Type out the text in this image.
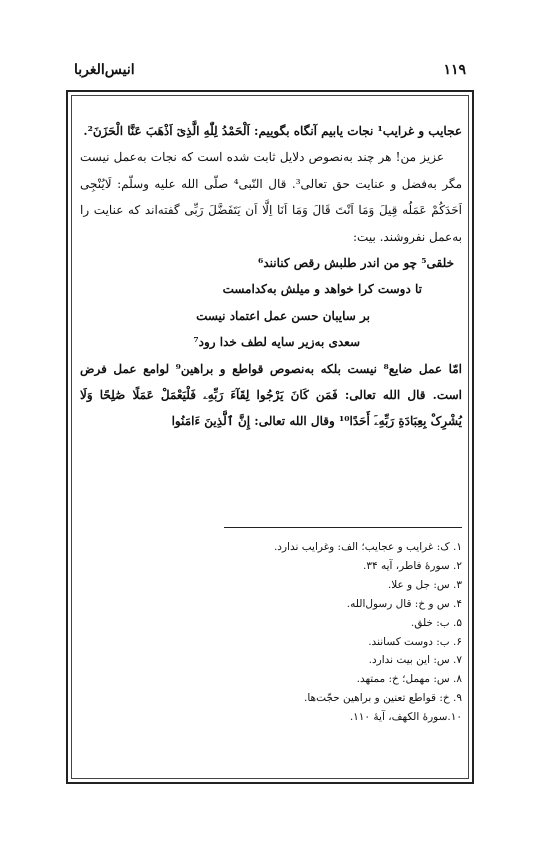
انیس‌الغربا	۱۱۹

عجایب و غرایب¹ نجات یابیم آنگاه بگوییم: اَلْحَمْدُ لِلّٰهِ الَّذِیٓ اَذْهَبَ عَنَّا الْحَزَنَ².

عزیز من! هر چند به‌نصوص دلایل ثابت شده است که نجات به‌عمل نیست مگر به‌فضل و عنایت حق تعالی³. قال النّبی⁴ صلّی الله علیه وسلّم: لَایُنْجِی اَحَدَکُمْ عَمَلُه قِیلَ وَمَا اَنْتَ قَالَ وَمَا اَنَا اِلَّا اَن یَتَفَضَّلَ رَبِّی گفته‌اند که عنایت را به‌عمل نفروشند. بیت:

خلقی⁵ چو من اندر طلبش رقص کنانند⁶

تا دوست کرا خواهد و میلش به‌کدامست

بر سایبان حسن عمل اعتماد نیست

سعدی به‌زیر سایه لطف خدا رود⁷

امّا عمل ضایع⁸ نیست بلکه به‌نصوص قواطع و براهین⁹ لوامع عمل فرض است. قال الله تعالی: فَمَن کَانَ یَرْجُوا لِقَآءَ رَبِّهِۦ فَلْیَعْمَلْ عَمَلًا صَٰلِحًا وَلَا یُشْرِکْ بِعِبَادَةِ رَبِّهِۦٓ أَحَدًا¹⁰ وقال الله تعالی: إِنَّ ٱلَّذِینَ ءَامَنُوا

۱. ک: غرایب و عجایب؛ الف: وغرایب ندارد.
۲. سورهٔ فاطر، آیه ۳۴.
۳. س: جل و علا.
۴. س و خ: قال رسول‌الله.
۵. ب: خلق.
۶. ب: دوست کسانند.
۷. س: این بیت ندارد.
۸. س: مهمل؛ خ: ممتهد.
۹. خ: قواطع تعنین و براهین حجّت‌ها.
۱۰.سورهٔ الکهف، آیهٔ ۱۱۰.
